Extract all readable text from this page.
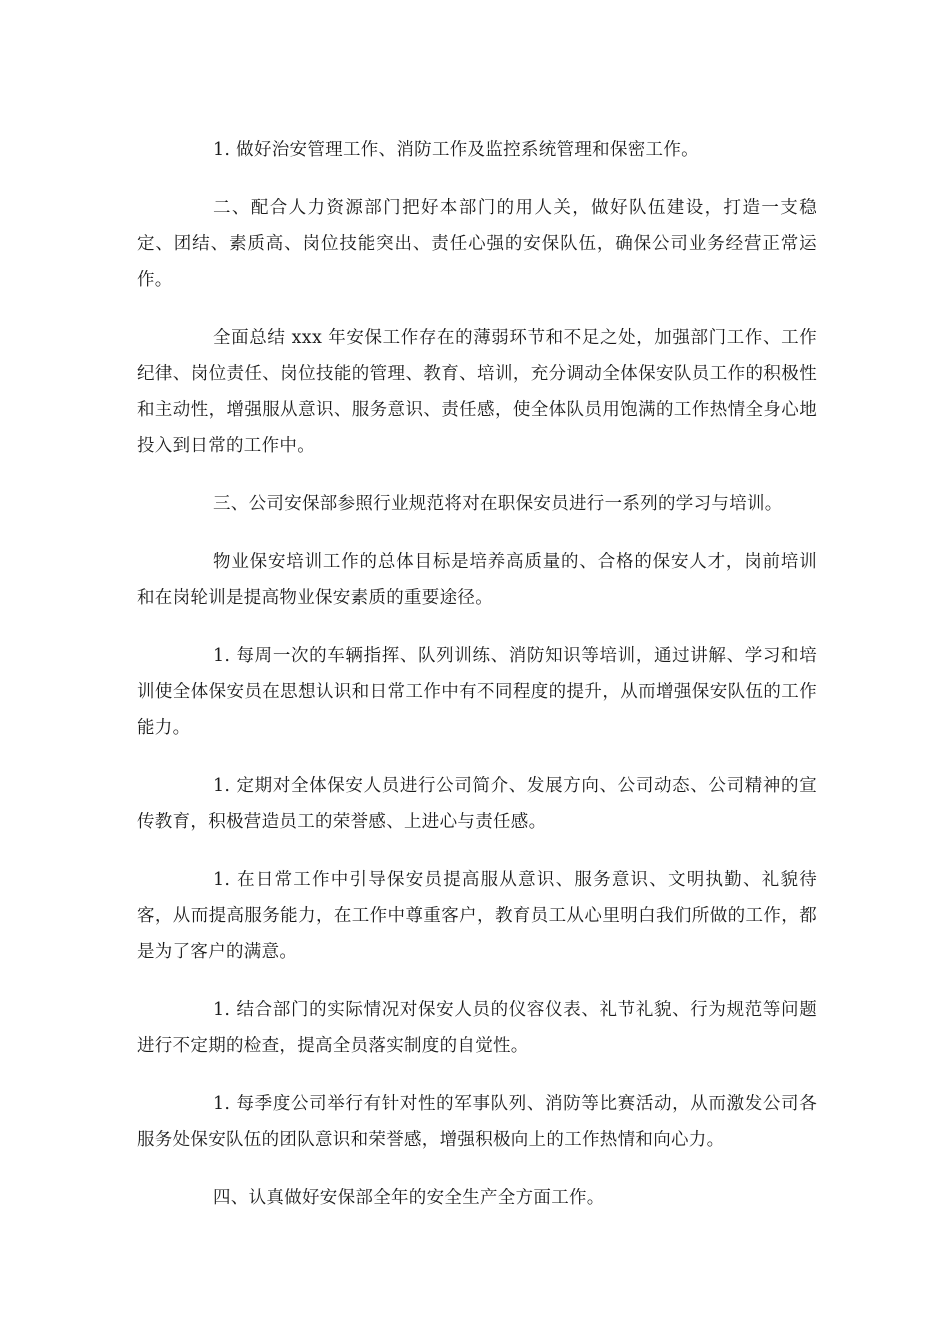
1. 做好治安管理工作、消防工作及监控系统管理和保密工作。

二、配合人力资源部门把好本部门的用人关，做好队伍建设，打造一支稳定、团结、素质高、岗位技能突出、责任心强的安保队伍，确保公司业务经营正常运作。

全面总结 xxx 年安保工作存在的薄弱环节和不足之处，加强部门工作、工作纪律、岗位责任、岗位技能的管理、教育、培训，充分调动全体保安队员工作的积极性和主动性，增强服从意识、服务意识、责任感，使全体队员用饱满的工作热情全身心地投入到日常的工作中。

三、公司安保部参照行业规范将对在职保安员进行一系列的学习与培训。

物业保安培训工作的总体目标是培养高质量的、合格的保安人才，岗前培训和在岗轮训是提高物业保安素质的重要途径。

1. 每周一次的车辆指挥、队列训练、消防知识等培训，通过讲解、学习和培训使全体保安员在思想认识和日常工作中有不同程度的提升，从而增强保安队伍的工作能力。

1. 定期对全体保安人员进行公司简介、发展方向、公司动态、公司精神的宣传教育，积极营造员工的荣誉感、上进心与责任感。

1. 在日常工作中引导保安员提高服从意识、服务意识、文明执勤、礼貌待客，从而提高服务能力，在工作中尊重客户，教育员工从心里明白我们所做的工作，都是为了客户的满意。

1. 结合部门的实际情况对保安人员的仪容仪表、礼节礼貌、行为规范等问题进行不定期的检查，提高全员落实制度的自觉性。

1. 每季度公司举行有针对性的军事队列、消防等比赛活动，从而激发公司各服务处保安队伍的团队意识和荣誉感，增强积极向上的工作热情和向心力。

四、认真做好安保部全年的安全生产全方面工作。
